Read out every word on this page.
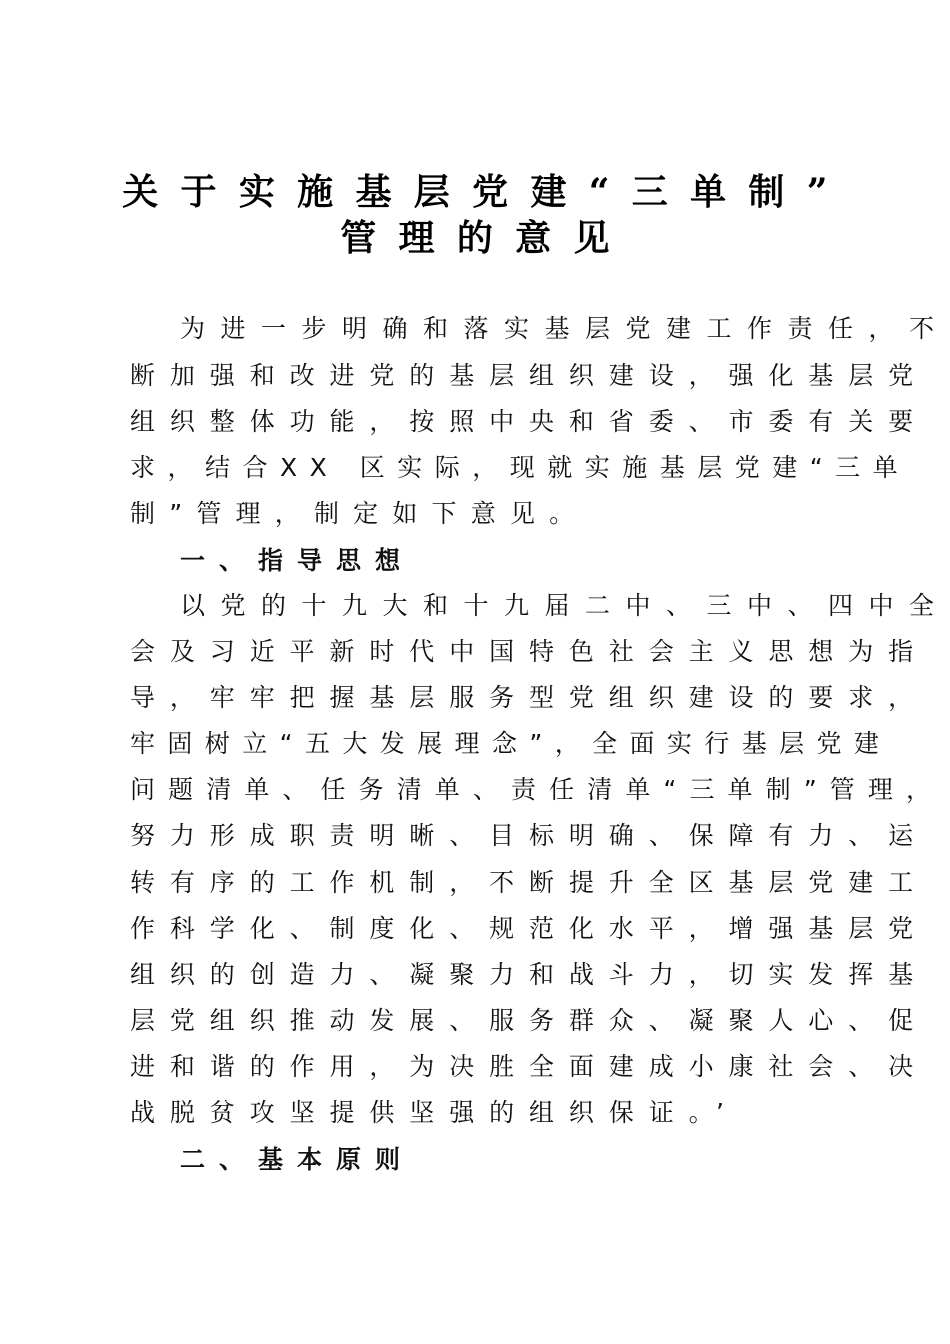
关于实施基层党建“三单制”
管理的意见
为进一步明确和落实基层党建工作责任，不
断加强和改进党的基层组织建设，强化基层党
组织整体功能，按照中央和省委、市委有关要
求，结合XX 区实际，现就实施基层党建“三单
制”管理，制定如下意见。
一、指导思想
以党的十九大和十九届二中、三中、四中全
会及习近平新时代中国特色社会主义思想为指
导，牢牢把握基层服务型党组织建设的要求，
牢固树立“五大发展理念”，全面实行基层党建
问题清单、任务清单、责任清单“三单制”管理，
努力形成职责明晰、目标明确、保障有力、运
转有序的工作机制，不断提升全区基层党建工
作科学化、制度化、规范化水平，增强基层党
组织的创造力、凝聚力和战斗力，切实发挥基
层党组织推动发展、服务群众、凝聚人心、促
进和谐的作用，为决胜全面建成小康社会、决
战脱贫攻坚提供坚强的组织保证。’
二、基本原则
